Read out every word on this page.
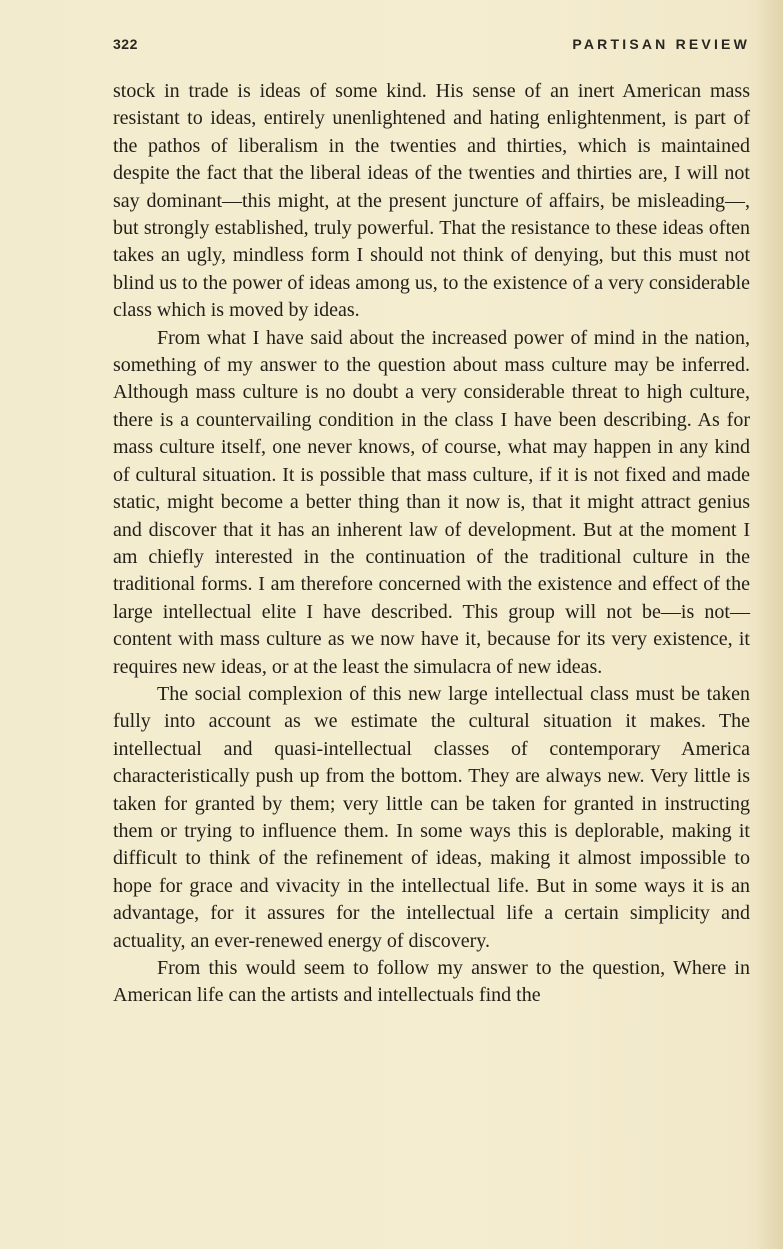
322	PARTISAN REVIEW

stock in trade is ideas of some kind. His sense of an inert American mass resistant to ideas, entirely unenlightened and hating enlightenment, is part of the pathos of liberalism in the twenties and thirties, which is maintained despite the fact that the liberal ideas of the twenties and thirties are, I will not say dominant—this might, at the present juncture of affairs, be misleading—, but strongly established, truly powerful. That the resistance to these ideas often takes an ugly, mindless form I should not think of denying, but this must not blind us to the power of ideas among us, to the existence of a very considerable class which is moved by ideas.

From what I have said about the increased power of mind in the nation, something of my answer to the question about mass culture may be inferred. Although mass culture is no doubt a very considerable threat to high culture, there is a countervailing condition in the class I have been describing. As for mass culture itself, one never knows, of course, what may happen in any kind of cultural situation. It is possible that mass culture, if it is not fixed and made static, might become a better thing than it now is, that it might attract genius and discover that it has an inherent law of development. But at the moment I am chiefly interested in the continuation of the traditional culture in the traditional forms. I am therefore concerned with the existence and effect of the large intellectual elite I have described. This group will not be—is not—content with mass culture as we now have it, because for its very existence, it requires new ideas, or at the least the simulacra of new ideas.

The social complexion of this new large intellectual class must be taken fully into account as we estimate the cultural situation it makes. The intellectual and quasi-intellectual classes of contemporary America characteristically push up from the bottom. They are always new. Very little is taken for granted by them; very little can be taken for granted in instructing them or trying to influence them. In some ways this is deplorable, making it difficult to think of the refinement of ideas, making it almost impossible to hope for grace and vivacity in the intellectual life. But in some ways it is an advantage, for it assures for the intellectual life a certain simplicity and actuality, an ever-renewed energy of discovery.

From this would seem to follow my answer to the question, Where in American life can the artists and intellectuals find the
